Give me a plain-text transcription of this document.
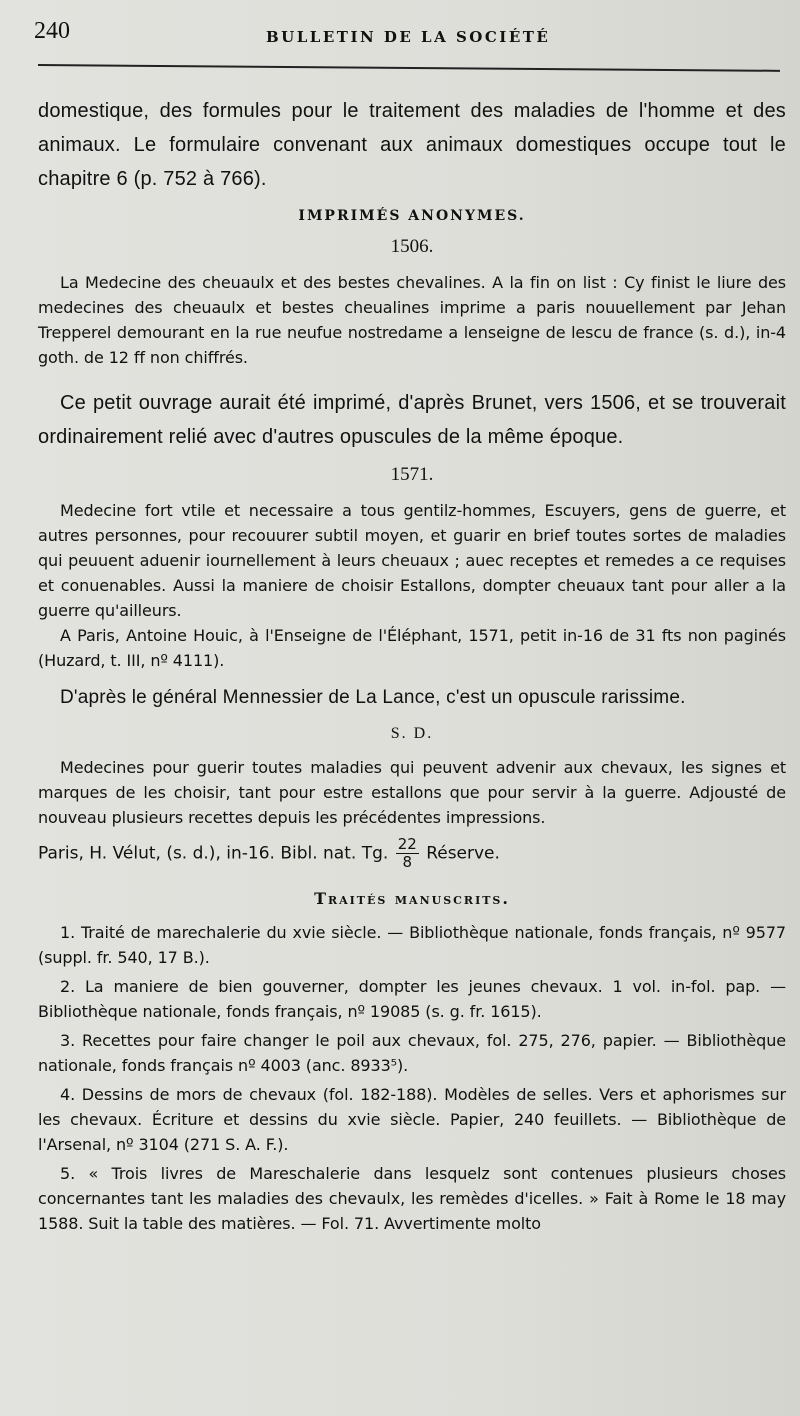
240	BULLETIN DE LA SOCIÉTÉ

domestique, des formules pour le traitement des maladies de l'homme et des animaux. Le formulaire convenant aux animaux domestiques occupe tout le chapitre 6 (p. 752 à 766).

IMPRIMÉS ANONYMES.
1506.

La Medecine des cheuaulx et des bestes chevalines. A la fin on list : Cy finist le liure des medecines des cheuaulx et bestes cheualines imprime a paris nouuellement par Jehan Trepperel demourant en la rue neufue nostredame a lenseigne de lescu de france (s. d.), in-4 goth. de 12 ff non chiffrés.

Ce petit ouvrage aurait été imprimé, d'après Brunet, vers 1506, et se trouverait ordinairement relié avec d'autres opuscules de la même époque.

1571.

Medecine fort vtile et necessaire a tous gentilz-hommes, Escuyers, gens de guerre, et autres personnes, pour recouurer subtil moyen, et guarir en brief toutes sortes de maladies qui peuuent aduenir iournellement à leurs cheuaux ; auec receptes et remedes a ce requises et conuenables. Aussi la maniere de choisir Estallons, dompter cheuaux tant pour aller a la guerre qu'ailleurs.

A Paris, Antoine Houic, à l'Enseigne de l'Éléphant, 1571, petit in-16 de 31 fts non paginés (Huzard, t. III, nº 4111).

D'après le général Mennessier de La Lance, c'est un opuscule rarissime.

S. D.

Medecines pour guerir toutes maladies qui peuvent advenir aux chevaux, les signes et marques de les choisir, tant pour estre estallons que pour servir à la guerre. Adjousté de nouveau plusieurs recettes depuis les précédentes impressions.

Paris, H. Vélut, (s. d.), in-16. Bibl. nat. Tg. $\frac{22}{8}$ Réserve.

Traités manuscrits.

1. Traité de marechalerie du xvie siècle. — Bibliothèque nationale, fonds français, nº 9577 (suppl. fr. 540, 17 B.).

2. La maniere de bien gouverner, dompter les jeunes chevaux. 1 vol. in-fol. pap. — Bibliothèque nationale, fonds français, nº 19085 (s. g. fr. 1615).

3. Recettes pour faire changer le poil aux chevaux, fol. 275, 276, papier. — Bibliothèque nationale, fonds français nº 4003 (anc. 8933⁵).

4. Dessins de mors de chevaux (fol. 182-188). Modèles de selles. Vers et aphorismes sur les chevaux. Écriture et dessins du xvie siècle. Papier, 240 feuillets. — Bibliothèque de l'Arsenal, nº 3104 (271 S. A. F.).

5. « Trois livres de Mareschalerie dans lesquelz sont contenues plusieurs choses concernantes tant les maladies des chevaulx, les remèdes d'icelles. » Fait à Rome le 18 may 1588. Suit la table des matières. — Fol. 71. Avvertimente molto
